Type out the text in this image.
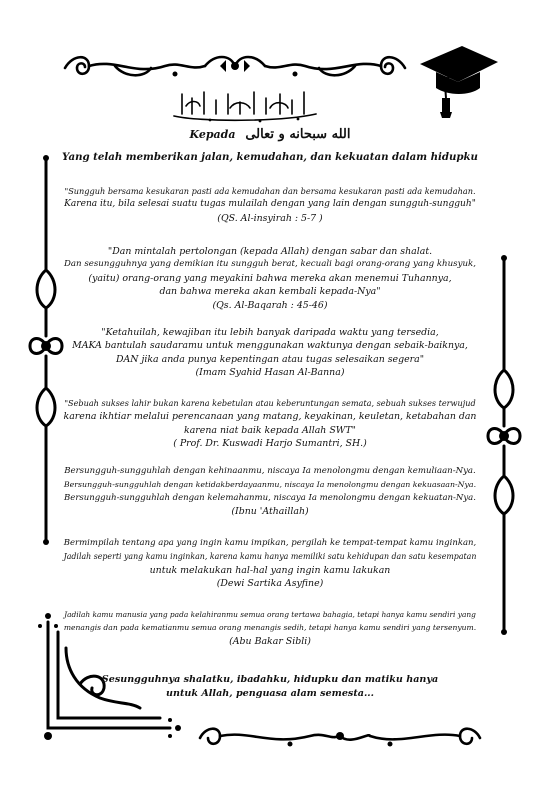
Kepada الله سبحانه و تعالى
Yang telah memberikan jalan, kemudahan, dan kekuatan dalam hidupku
"Sungguh bersama kesukaran pasti ada kemudahan dan bersama kesukaran pasti ada kemudahan.
Karena itu, bila selesai suatu tugas mulailah dengan yang lain dengan sungguh-sungguh"
(QS. Al-insyirah : 5-7 )
"Dan mintalah pertolongan (kepada Allah) dengan sabar dan shalat.
Dan sesungguhnya yang demikian itu sungguh berat, kecuali bagi orang-orang yang khusyuk,
(yaitu) orang-orang yang meyakini bahwa mereka akan menemui Tuhannya,
dan bahwa mereka akan kembali kepada-Nya"
(Qs. Al-Baqarah : 45-46)
"Ketahuilah, kewajiban itu lebih banyak daripada waktu yang tersedia,
MAKA bantulah saudaramu untuk menggunakan waktunya dengan sebaik-baiknya,
DAN jika anda punya kepentingan atau tugas selesaikan segera"
(Imam Syahid Hasan Al-Banna)
"Sebuah sukses lahir bukan karena kebetulan atau keberuntungan semata, sebuah sukses terwujud
karena ikhtiar melalui perencanaan yang matang, keyakinan, keuletan, ketabahan dan
karena niat baik kepada Allah SWT"
( Prof. Dr. Kuswadi Harjo Sumantri, SH.)
Bersungguh-sungguhlah dengan kehinaanmu, niscaya Ia menolongmu dengan kemuliaan-Nya.
Bersungguh-sungguhlah dengan ketidakberdayaanmu, niscaya Ia menolongmu dengan kekuasaan-Nya.
Bersungguh-sungguhlah dengan kelemahanmu, niscaya Ia menolongmu dengan kekuatan-Nya.
(Ibnu 'Athaillah)
Bermimpilah tentang apa yang ingin kamu impikan, pergilah ke tempat-tempat kamu inginkan,
Jadilah seperti yang kamu inginkan, karena kamu hanya memiliki satu kehidupan dan satu kesempatan
untuk melakukan hal-hal yang ingin kamu lakukan
(Dewi Sartika Asyfine)
Jadilah kamu manusia yang pada kelahiranmu semua orang tertawa bahagia, tetapi hanya kamu sendiri yang
menangis dan pada kematianmu semua orang menangis sedih, tetapi hanya kamu sendiri yang tersenyum.
(Abu Bakar Sibli)
Sesungguhnya shalatku, ibadahku, hidupku dan matiku hanya
untuk Allah, penguasa alam semesta...
